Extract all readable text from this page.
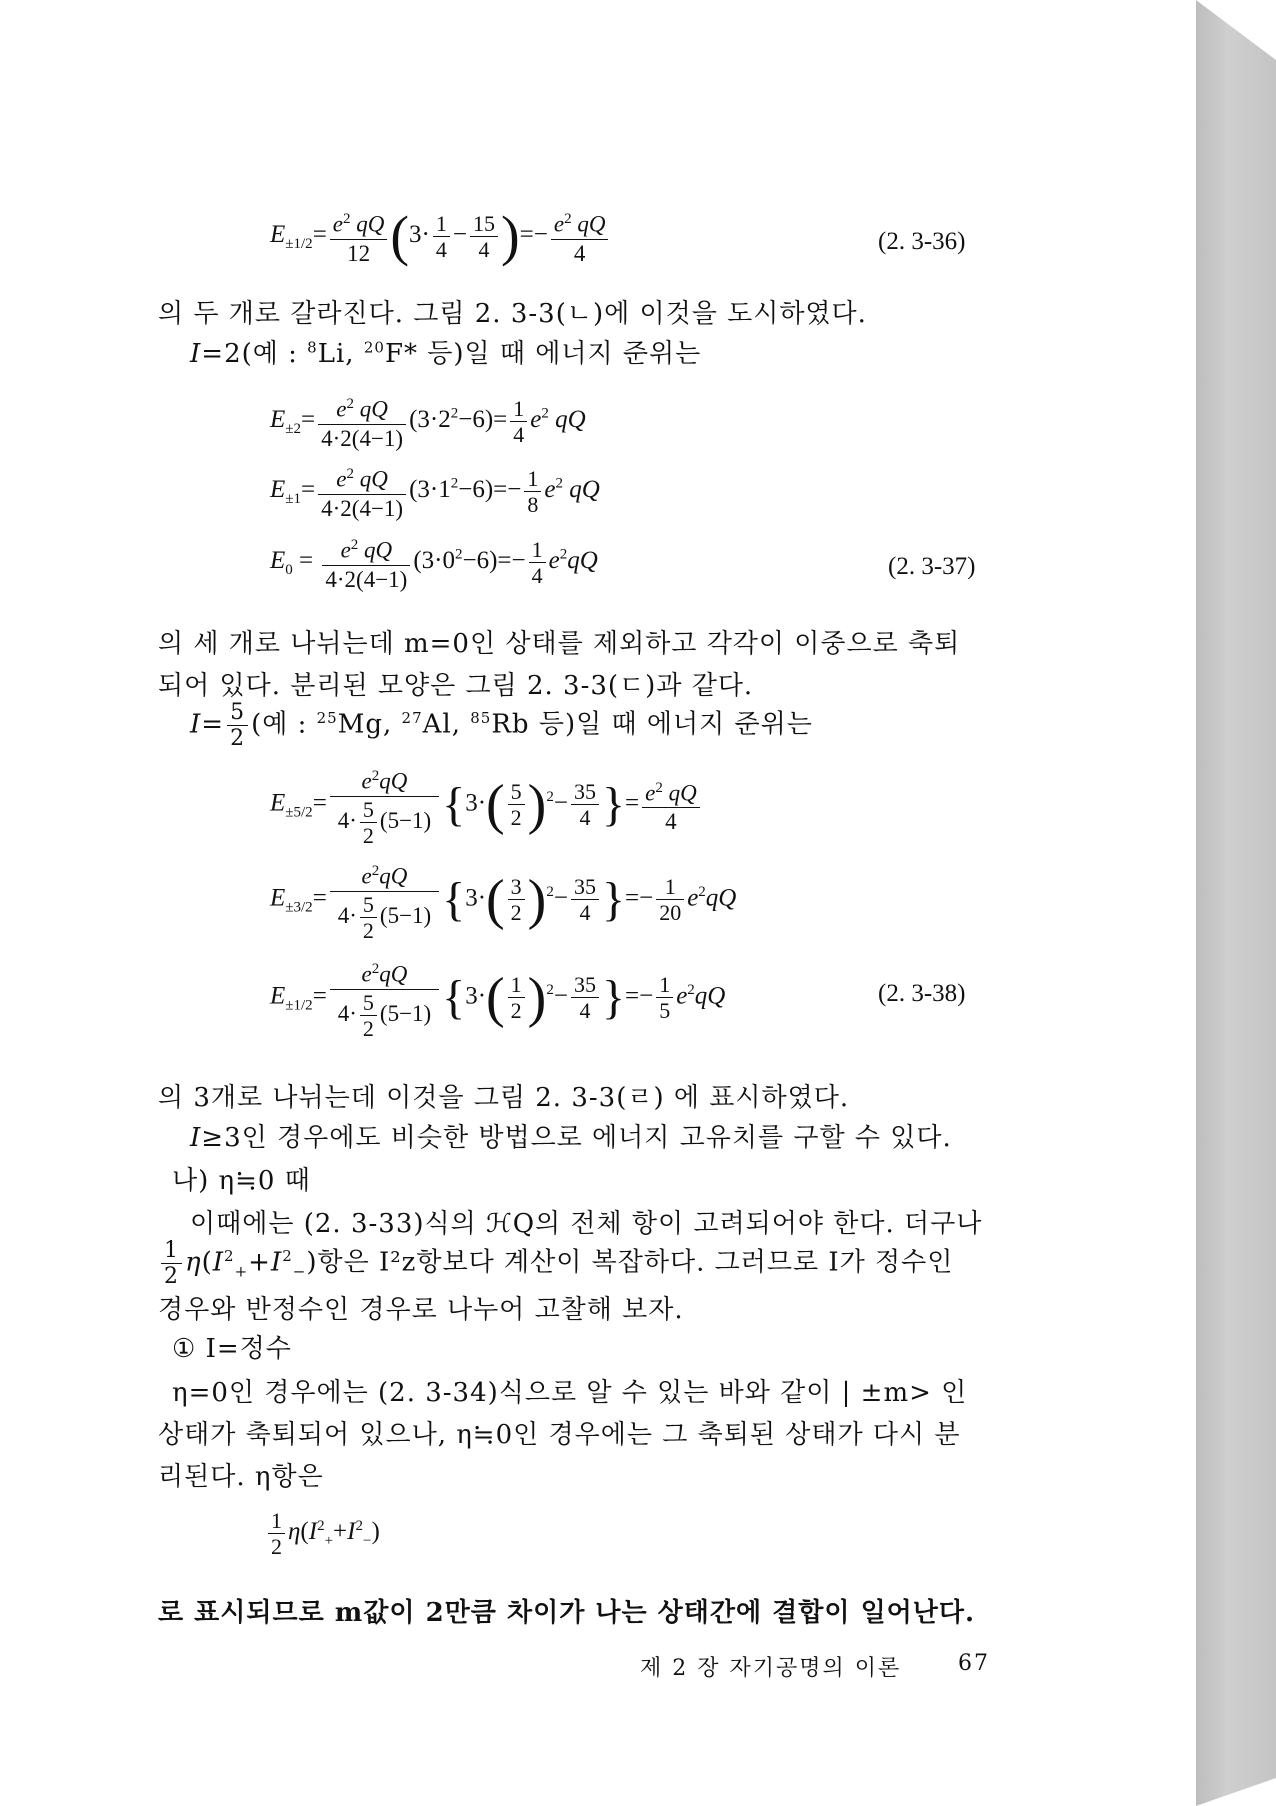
$E_{\pm 1/2}= \frac{e^2 qQ}{12} (3\cdot \frac{1}{4} - \frac{15}{4}$ )=− $\frac{e^2 qQ}{4}$	(2. 3-36)
의 두 개로 갈라진다. 그림 2. 3-3(ㄴ)에 이것을 도시하였다.
I=2(예 : $^8$Li, $^{20}$F* 등)일 때 에너지 준위는
$E_{\pm 2}= \frac{e^2 qQ}{4\cdot 2(4-1)} (3\cdot 2^2-6)= \frac{1}{4} e^2$ qQ
$E_{\pm 1}= \frac{e^2 qQ}{4\cdot 2(4-1)} (3\cdot 1^2-6)=- \frac{1}{8} e^2$ qQ
$E_0 = \frac{e^2 qQ}{4\cdot 2(4-1)} (3\cdot 0^2-6)=- \frac{1}{4} e^2qQ$	(2. 3-37)
의 세 개로 나뉘는데 m=0인 상태를 제외하고 각각이 이중으로 축퇴
되어 있다. 분리된 모양은 그림 2. 3-3(ㄷ)과 같다.
$I= \frac{5}{2}$ (예 : $^{25}$Mg, $^{27}$Al, $^{85}$Rb 등)일 때 에너지 준위는
$E_{\pm 5/2}= \frac{e^2qQ}{4\cdot \frac{5}{2} (5-1)} \{3\cdot( \frac{5}{2} )^2- \frac{35}{4}$ }= $\frac{e^2 qQ}{4}$
$E_{\pm 3/2}= \frac{e^2qQ}{4\cdot \frac{5}{2} (5-1)} \{3\cdot( \frac{3}{2} )^2- \frac{35}{4}$ }=− $\frac{1}{20} e^2qQ$
$E_{\pm 1/2}= \frac{e^2qQ}{4\cdot \frac{5}{2} (5-1)} \{3\cdot( \frac{1}{2} )^2- \frac{35}{4}$ }=− $\frac{1}{5} e^2qQ$	(2. 3-38)
의 3개로 나뉘는데 이것을 그림 2. 3-3(ㄹ) 에 표시하였다.
I≥3인 경우에도 비슷한 방법으로 에너지 고유치를 구할 수 있다.
나) η≒0 때
이때에는 (2. 3-33)식의 ℋQ의 전체 항이 고려되어야 한다. 더구나
$\frac{1}{2} \eta(I^2_++I^2_-)$항은 I²z항보다 계산이 복잡하다. 그러므로 I가 정수인
경우와 반정수인 경우로 나누어 고찰해 보자.
① I=정수
η=0인 경우에는 (2. 3-34)식으로 알 수 있는 바와 같이 | ±m> 인
상태가 축퇴되어 있으나, η≒0인 경우에는 그 축퇴된 상태가 다시 분
리된다. η항은
$\frac{1}{2} \eta(I^2_++I^2_-)$
로 표시되므로 m값이 2만큼 차이가 나는 상태간에 결합이 일어난다.
제 2 장 자기공명의 이론	67
